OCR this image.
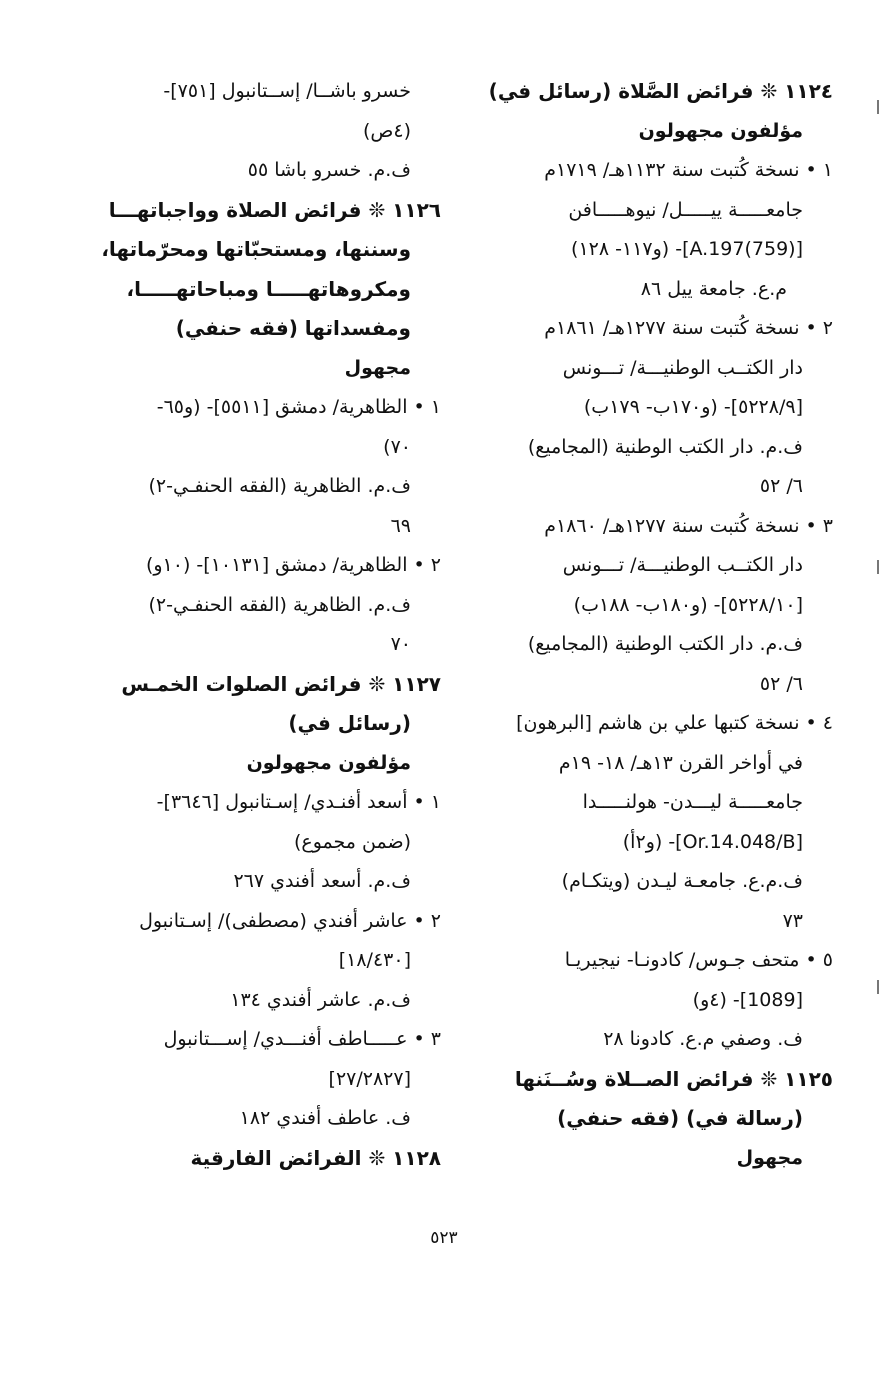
١١٢٤ ❊ فرائض الصَّلاة (رسائل في)
مؤلفون مجهولون
١ • نسخة كُتبت سنة ١١٣٢هـ/ ١٧١٩م
جامعـــــة ييـــــل/ نيوهـــــافن
[A.197(759)]- (و١١٧- ١٢٨)
م.ع. جامعة ييل ٨٦
٢ • نسخة كُتبت سنة ١٢٧٧هـ/ ١٨٦١م
دار الكتــب الوطنيـــة/ تـــونس
[٥٢٢٨/٩]- (و١٧٠ب- ١٧٩ب)
ف.م. دار الكتب الوطنية (المجاميع)
٦/ ٥٢
٣ • نسخة كُتبت سنة ١٢٧٧هـ/ ١٨٦٠م
دار الكتــب الوطنيـــة/ تـــونس
[٥٢٢٨/١٠]- (و١٨٠ب- ١٨٨ب)
ف.م. دار الكتب الوطنية (المجاميع)
٦/ ٥٢
٤ • نسخة كتبها علي بن هاشم [البرهون]
في أواخر القرن ١٣هـ/ ١٨- ١٩م
جامعـــــة ليـــدن- هولنـــــدا
[Or.14.048/B]- (و٢أ)
ف.م.ع. جامعـة ليـدن (ويتكـام)
٧٣
٥ • متحف جـوس/ كادونـا- نيجيريـا
[1089]- (٤و)
ف. وصفي م.ع. كادونا ٢٨
١١٢٥ ❊ فرائض الصــلاة وسُــنَنها
(رسالة في) (فقه حنفي)
مجهول
خسرو باشــا/ إســتانبول [٧٥١]-
(٤ص)
ف.م. خسرو باشا ٥٥
١١٢٦ ❊ فرائض الصلاة وواجباتهـــا
وسننها، ومستحبّاتها ومحرّماتها،
ومكروهاتهـــــا ومباحاتهـــــا،
ومفسداتها (فقه حنفي)
مجهول
١ • الظاهرية/ دمشق [٥٥١١]- (و٦٥-
٧٠)
ف.م. الظاهرية (الفقه الحنفـي-٢)
٦٩
٢ • الظاهرية/ دمشق [١٠١٣١]- (١٠و)
ف.م. الظاهرية (الفقه الحنفـي-٢)
٧٠
١١٢٧ ❊ فرائض الصلوات الخمـس
(رسائل في)
مؤلفون مجهولون
١ • أسعد أفنـدي/ إسـتانبول [٣٦٤٦]-
(ضمن مجموع)
ف.م. أسعد أفندي ٢٦٧
٢ • عاشر أفندي (مصطفى)/ إسـتانبول
[١٨/٤٣٠]
ف.م. عاشر أفندي ١٣٤
٣ • عـــــاطف أفنـــدي/ إســـتانبول
[٢٧/٢٨٢٧]
ف. عاطف أفندي ١٨٢
١١٢٨ ❊ الفرائض الفارقية
٥٢٣
